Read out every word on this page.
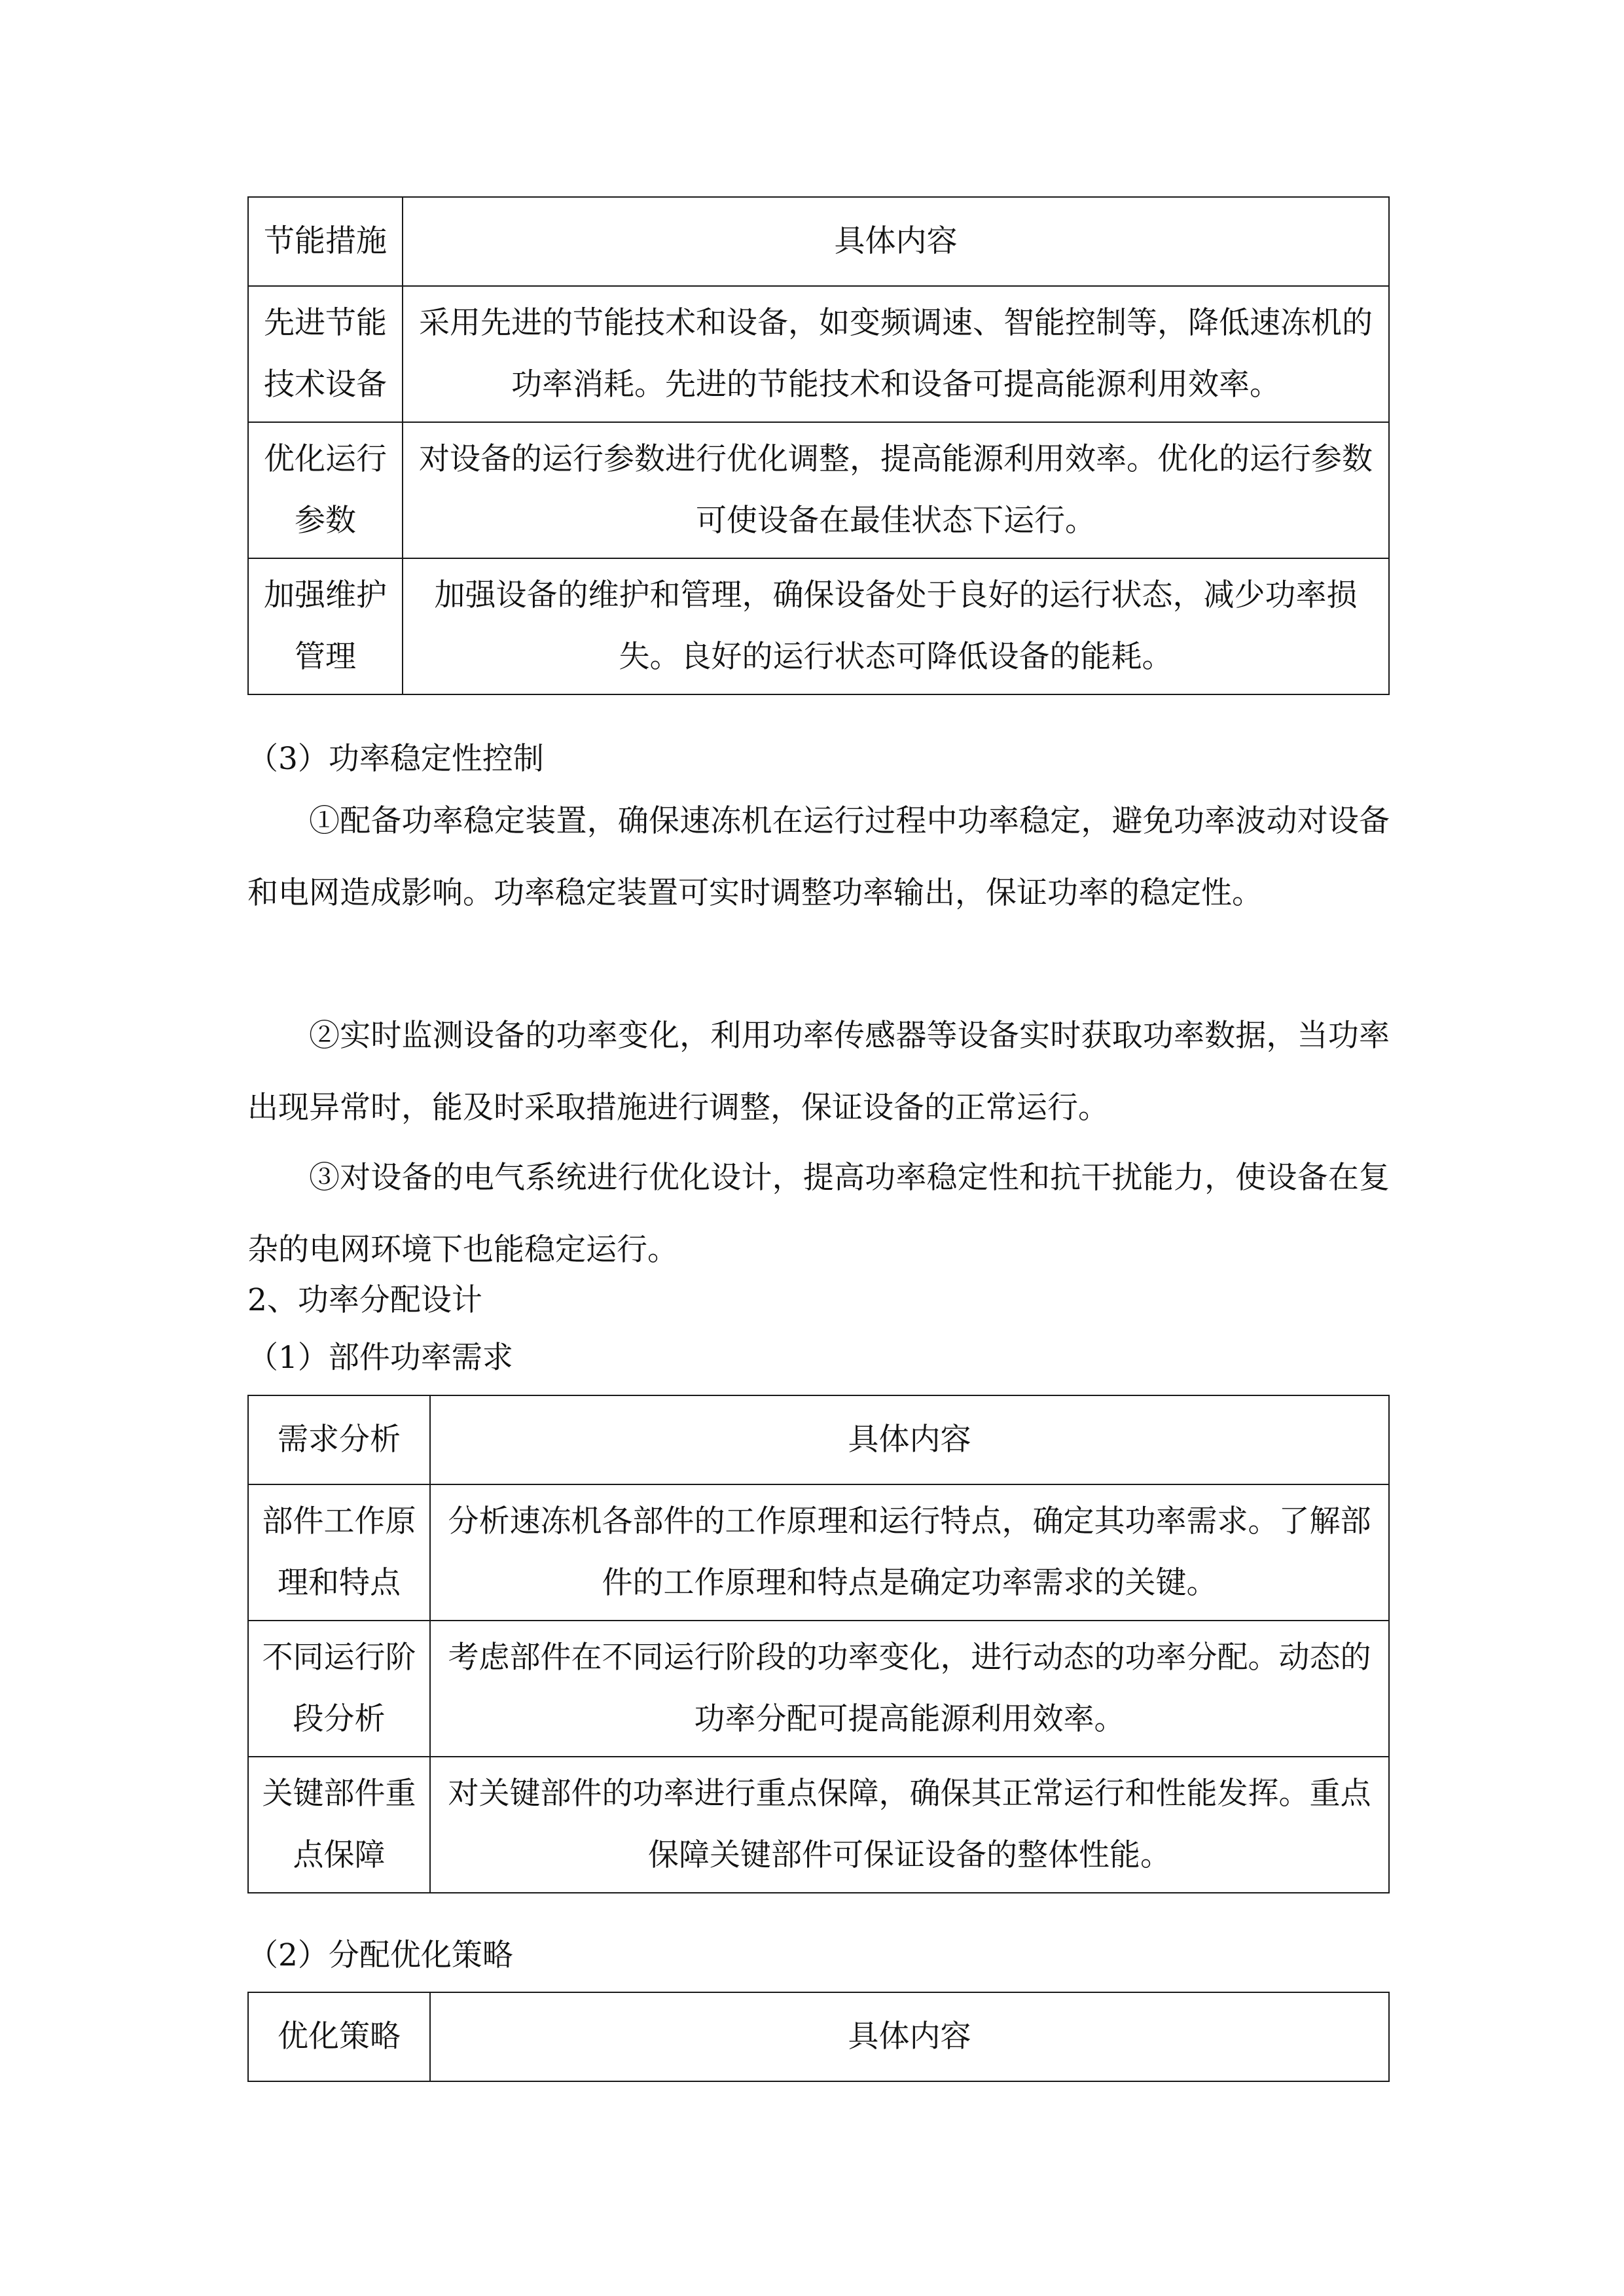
节能措施	具体内容
先进节能技术设备	采用先进的节能技术和设备，如变频调速、智能控制等，降低速冻机的功率消耗。先进的节能技术和设备可提高能源利用效率。
优化运行参数	对设备的运行参数进行优化调整，提高能源利用效率。优化的运行参数可使设备在最佳状态下运行。
加强维护管理	加强设备的维护和管理，确保设备处于良好的运行状态，减少功率损失。良好的运行状态可降低设备的能耗。
（3）功率稳定性控制
①配备功率稳定装置，确保速冻机在运行过程中功率稳定，避免功率波动对设备和电网造成影响。功率稳定装置可实时调整功率输出，保证功率的稳定性。
②实时监测设备的功率变化，利用功率传感器等设备实时获取功率数据，当功率出现异常时，能及时采取措施进行调整，保证设备的正常运行。
③对设备的电气系统进行优化设计，提高功率稳定性和抗干扰能力，使设备在复杂的电网环境下也能稳定运行。
2、功率分配设计
（1）部件功率需求
需求分析	具体内容
部件工作原理和特点	分析速冻机各部件的工作原理和运行特点，确定其功率需求。了解部件的工作原理和特点是确定功率需求的关键。
不同运行阶段分析	考虑部件在不同运行阶段的功率变化，进行动态的功率分配。动态的功率分配可提高能源利用效率。
关键部件重点保障	对关键部件的功率进行重点保障，确保其正常运行和性能发挥。重点保障关键部件可保证设备的整体性能。
（2）分配优化策略
优化策略	具体内容
